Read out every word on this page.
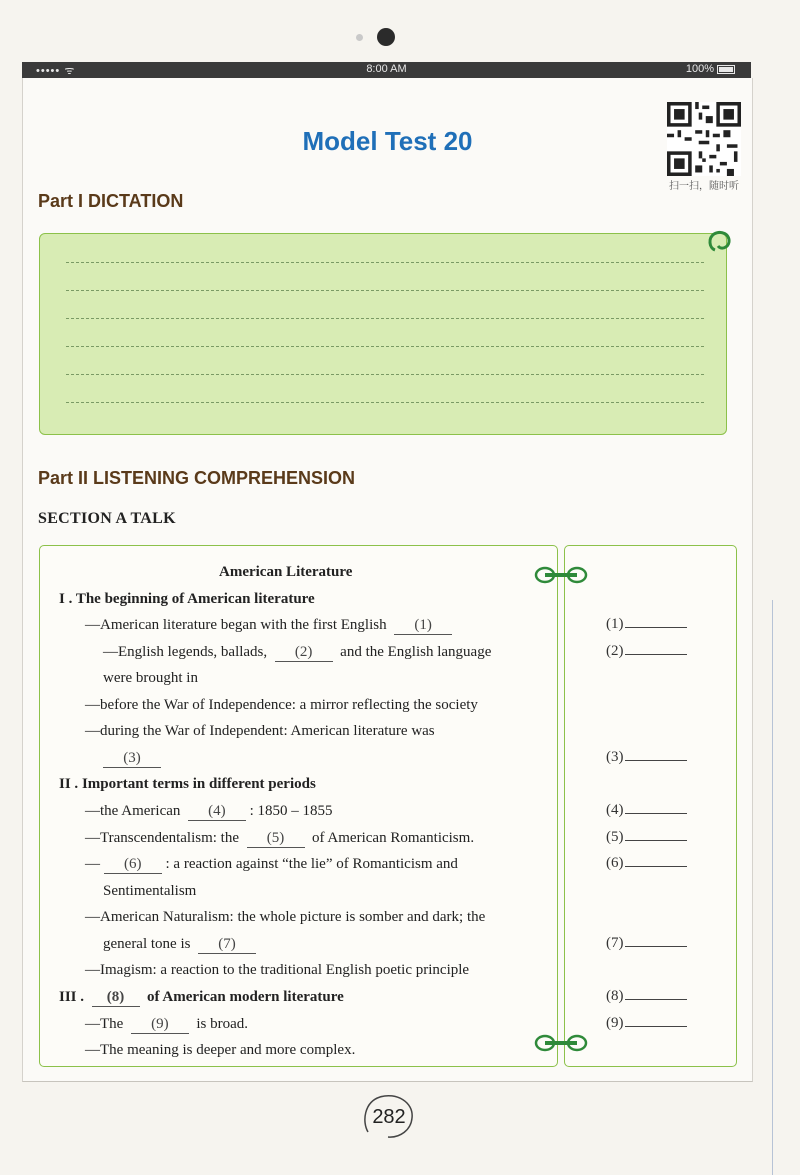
••••• ᯤ	8:00 AM	100%
Model Test 20
扫一扫，随时听
Part I DICTATION
Part II LISTENING COMPREHENSION
SECTION A TALK
American Literature
I . The beginning of American literature
—American literature began with the first English (1)
—English legends, ballads, (2) and the English language
were brought in
—before the War of Independence: a mirror reflecting the society
—during the War of Independent: American literature was
(3)
II . Important terms in different periods
—the American (4) : 1850 – 1855
—Transcendentalism: the (5) of American Romanticism.
— (6) : a reaction against “the lie” of Romanticism and
Sentimentalism
—American Naturalism: the whole picture is somber and dark; the
general tone is (7)
—Imagism: a reaction to the traditional English poetic principle
III . (8) of American modern literature
—The (9) is broad.
—The meaning is deeper and more complex.
(1)
(2)
(3)
(4)
(5)
(6)
(7)
(8)
(9)
282
